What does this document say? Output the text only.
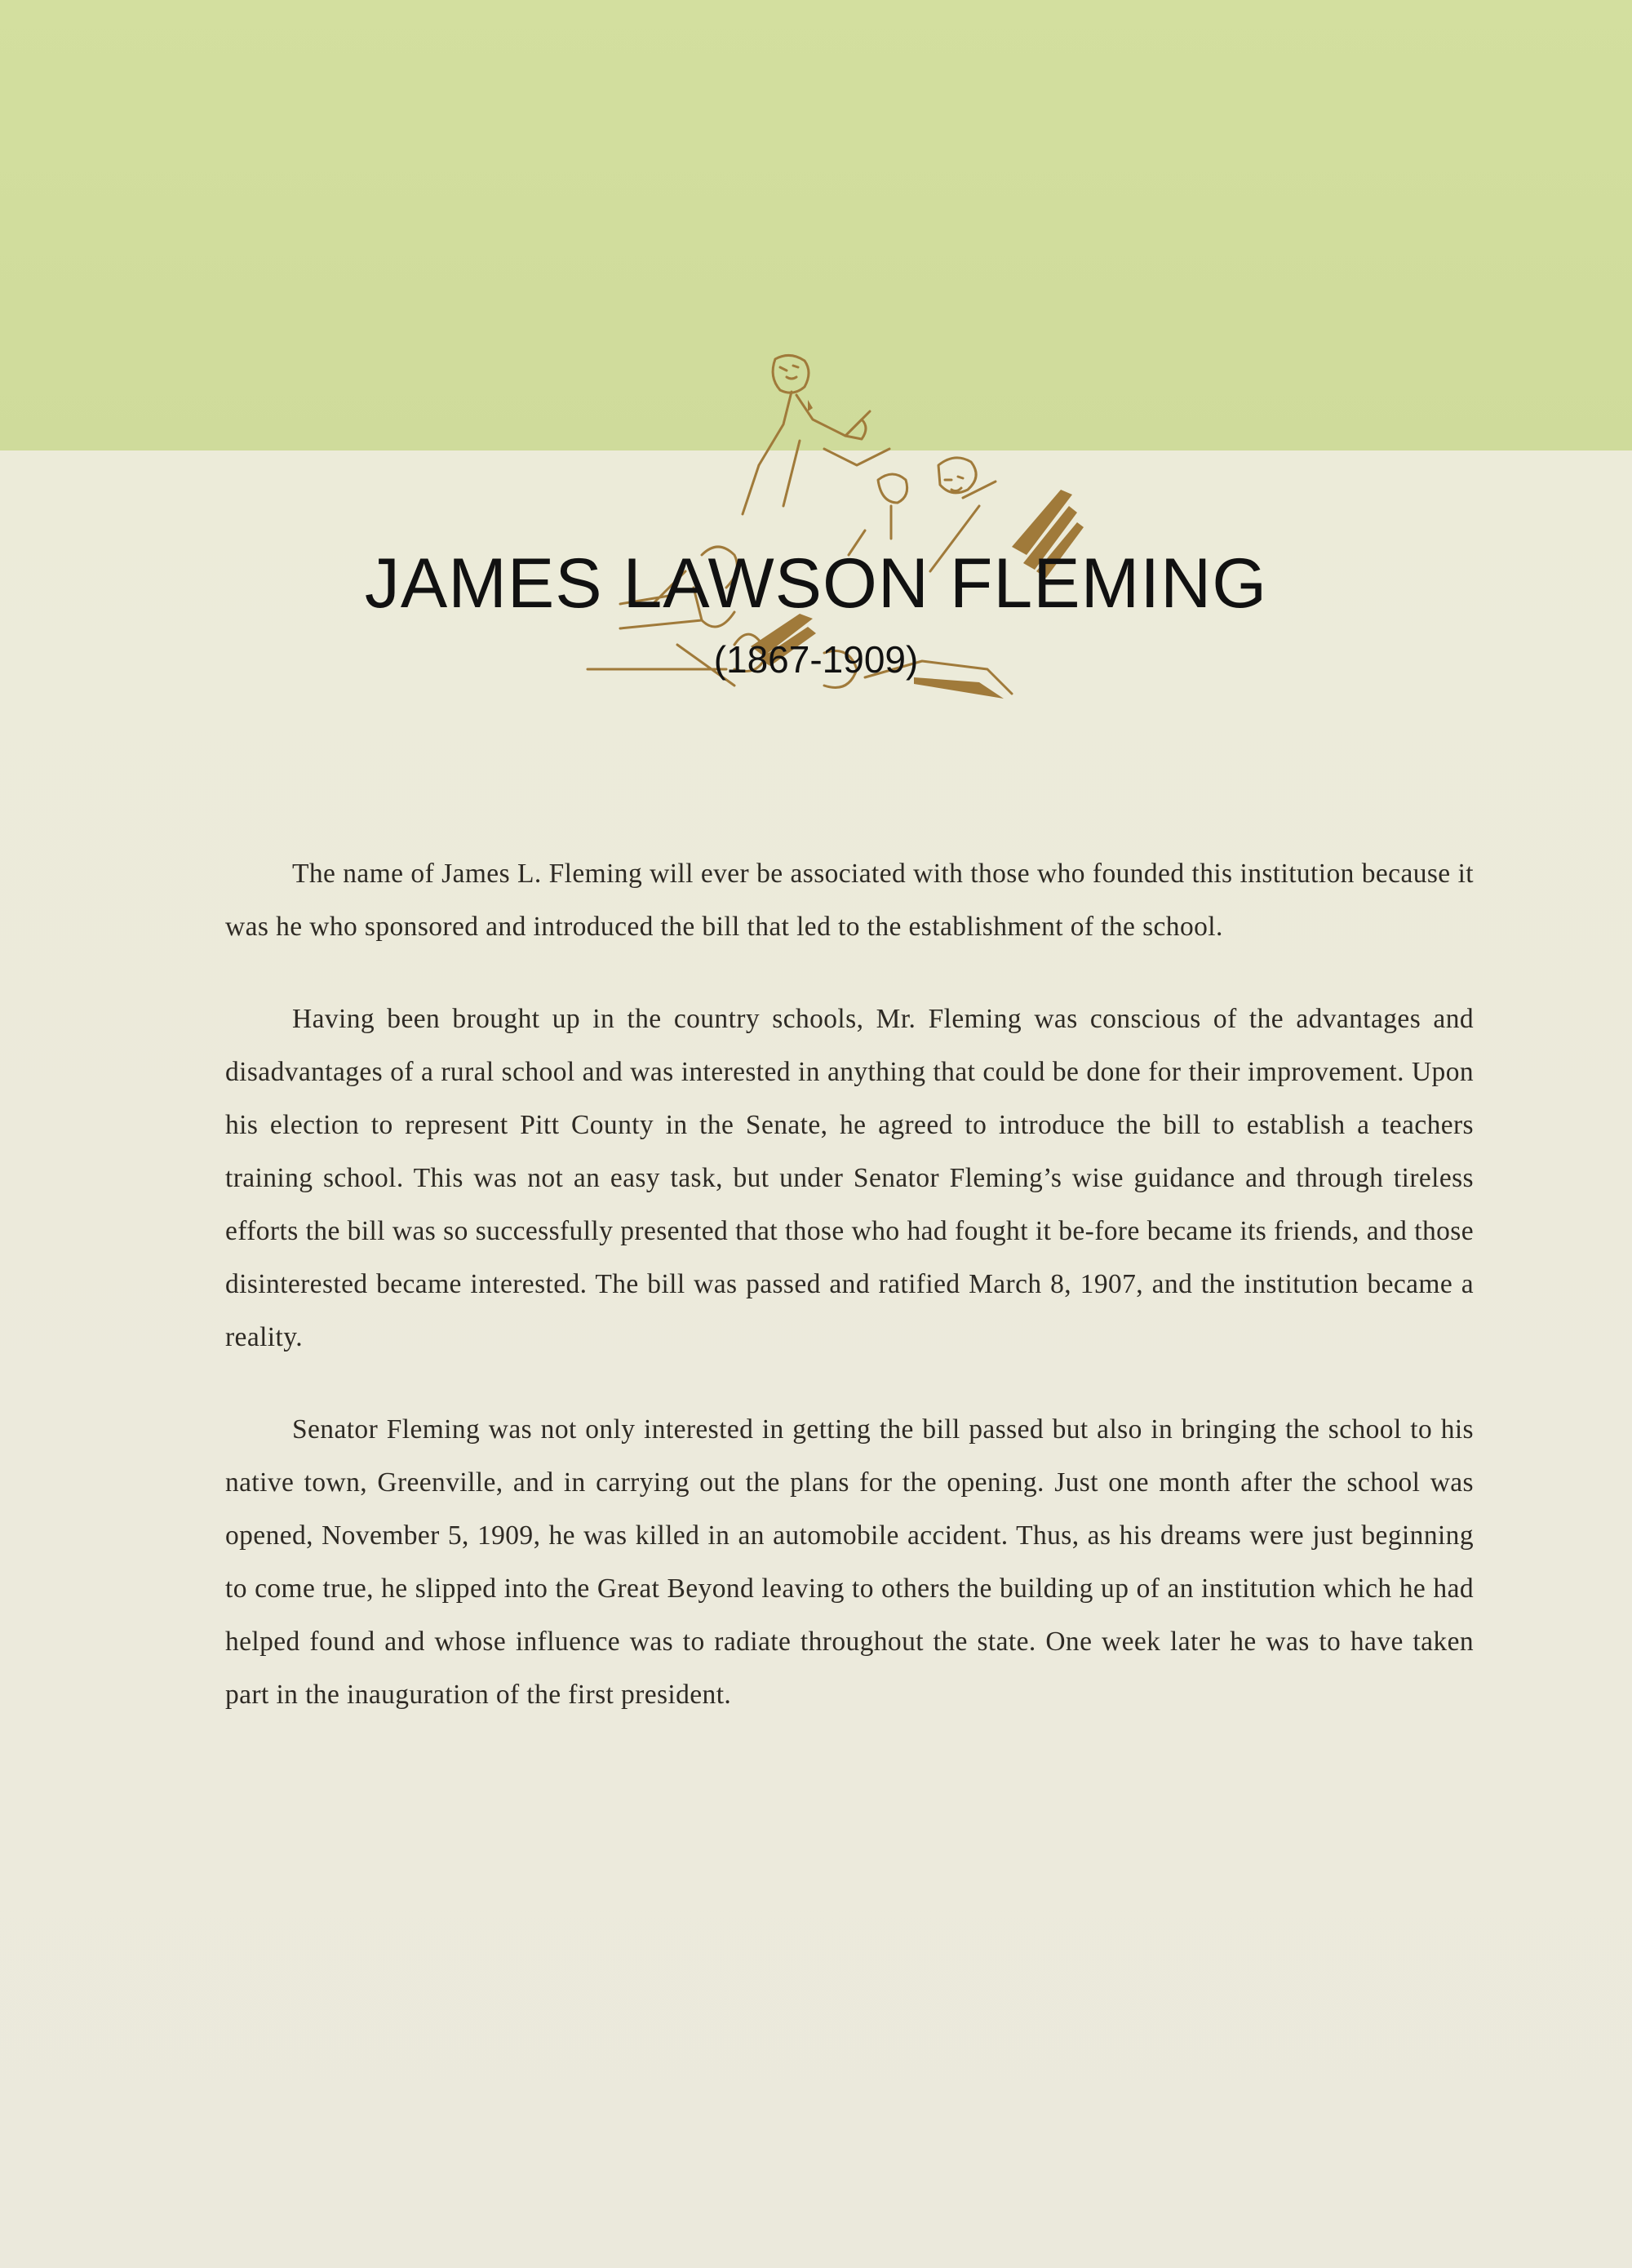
JAMES LAWSON FLEMING
(1867-1909)

The name of James L. Fleming will ever be associated with those who founded this institution because it was he who sponsored and introduced the bill that led to the establishment of the school.

Having been brought up in the country schools, Mr. Fleming was conscious of the advantages and disadvantages of a rural school and was interested in anything that could be done for their improvement. Upon his election to represent Pitt County in the Senate, he agreed to introduce the bill to establish a teachers training school. This was not an easy task, but under Senator Fleming’s wise guidance and through tireless efforts the bill was so successfully presented that those who had fought it be-fore became its friends, and those disinterested became interested. The bill was passed and ratified March 8, 1907, and the institution became a reality.

Senator Fleming was not only interested in getting the bill passed but also in bringing the school to his native town, Greenville, and in carrying out the plans for the opening. Just one month after the school was opened, November 5, 1909, he was killed in an automobile accident. Thus, as his dreams were just beginning to come true, he slipped into the Great Beyond leaving to others the building up of an institution which he had helped found and whose influence was to radiate throughout the state. One week later he was to have taken part in the inauguration of the first president.
